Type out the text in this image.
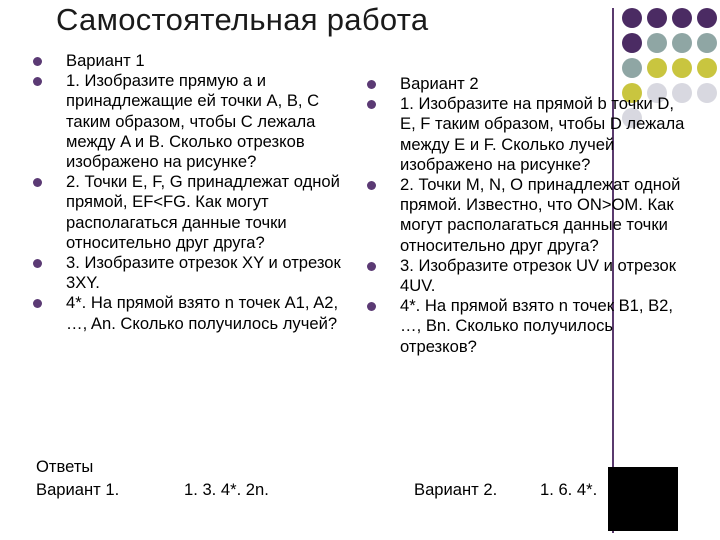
Самостоятельная работа
Вариант 1
1. Изобразите прямую a и принадлежащие ей точки A, B, C таким образом, чтобы C лежала между A и B. Сколько отрезков изображено на рисунке?
2. Точки E, F, G принадлежат одной прямой, EF<FG. Как могут располагаться данные точки относительно друг друга?
3. Изобразите отрезок XY и отрезок 3XY.
4*. На прямой взято n точек A1, A2, …, An. Сколько получилось лучей?
Вариант 2
1. Изобразите на прямой b точки D, E, F таким образом, чтобы D лежала между E и F. Сколько лучей изображено на рисунке?
2. Точки M, N, O принадлежат одной прямой. Известно, что ON>OM. Как могут располагаться данные точки относительно друг друга?
3. Изобразите отрезок UV и отрезок 4UV.
4*. На прямой взято n точек B1, B2, …, Bn. Сколько получилось отрезков?
Ответы
Вариант 1.	1. 3. 4*. 2n.	Вариант 2.	1. 6. 4*.
